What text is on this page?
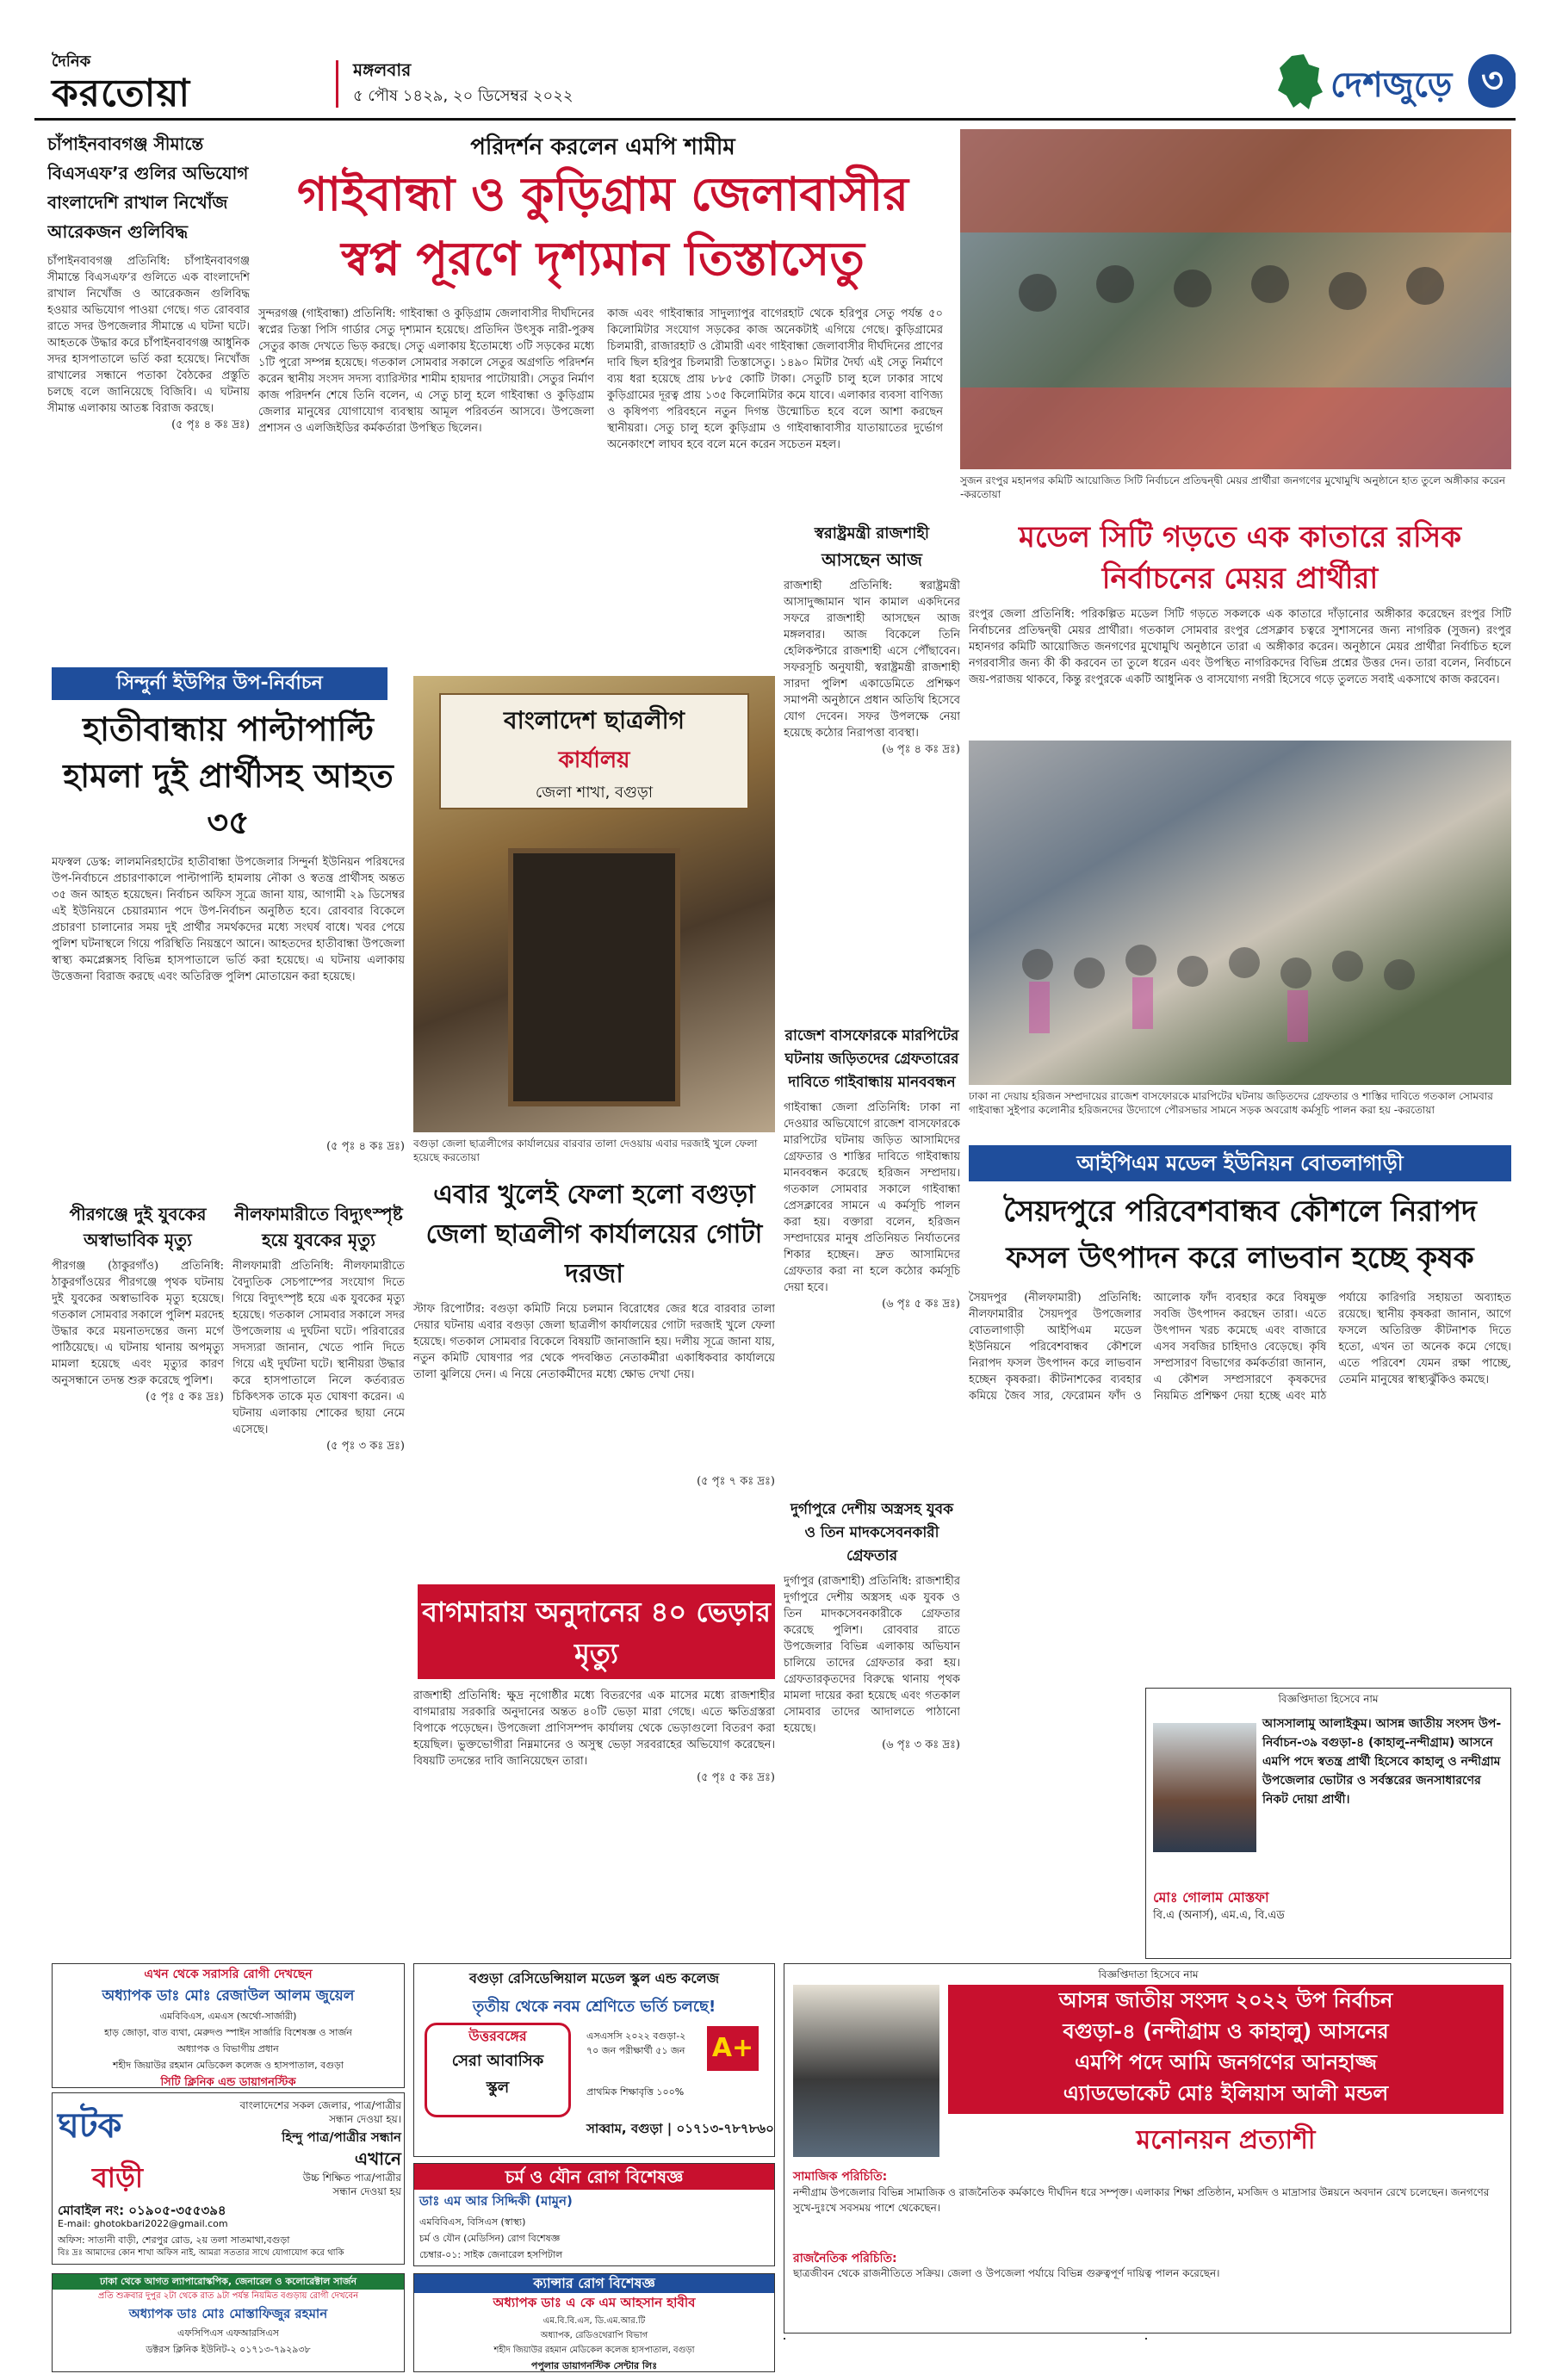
দৈনিক
করতোয়া
মঙ্গলবার
৫ পৌষ ১৪২৯, ২০ ডিসেম্বর ২০২২	দেশজুড়ে ৩
চাঁপাইনবাবগঞ্জ সীমান্তে বিএসএফ’র গুলির অভিযোগ বাংলাদেশি রাখাল নিখোঁজ আরেকজন গুলিবিদ্ধ
চাঁপাইনবাবগঞ্জ প্রতিনিধি: চাঁপাইনবাবগঞ্জ সীমান্তে বিএসএফ’র গুলিতে এক বাংলাদেশি রাখাল নিখোঁজ ও আরেকজন গুলিবিদ্ধ হওয়ার অভিযোগ পাওয়া গেছে। গত রোববার রাতে সদর উপজেলার সীমান্তে এ ঘটনা ঘটে। আহতকে উদ্ধার করে চাঁপাইনবাবগঞ্জ আধুনিক সদর হাসপাতালে ভর্তি করা হয়েছে। নিখোঁজ রাখালের সন্ধানে পতাকা বৈঠকের প্রস্তুতি চলছে বলে জানিয়েছে বিজিবি। এ ঘটনায় সীমান্ত এলাকায় আতঙ্ক বিরাজ করছে।
(৫ পৃঃ ৪ কঃ দ্রঃ)
পরিদর্শন করলেন এমপি শামীম
গাইবান্ধা ও কুড়িগ্রাম জেলাবাসীর
স্বপ্ন পূরণে দৃশ্যমান তিস্তাসেতু
সুন্দরগঞ্জ (গাইবান্ধা) প্রতিনিধি: গাইবান্ধা ও কুড়িগ্রাম জেলাবাসীর দীর্ঘদিনের স্বপ্নের তিস্তা পিসি গার্ডার সেতু দৃশ্যমান হয়েছে। প্রতিদিন উৎসুক নারী-পুরুষ সেতুর কাজ দেখতে ভিড় করছে। সেতু এলাকায় ইতোমধ্যে ৩টি সড়কের মধ্যে ১টি পুরো সম্পন্ন হয়েছে। গতকাল সোমবার সকালে সেতুর অগ্রগতি পরিদর্শন করেন স্থানীয় সংসদ সদস্য ব্যারিস্টার শামীম হায়দার পাটোয়ারী। সেতুর নির্মাণ কাজ পরিদর্শন শেষে তিনি বলেন, এ সেতু চালু হলে গাইবান্ধা ও কুড়িগ্রাম জেলার মানুষের যোগাযোগ ব্যবস্থায় আমূল পরিবর্তন আসবে। উপজেলা প্রশাসন ও এলজিইডির কর্মকর্তারা উপস্থিত ছিলেন।
কাজ এবং গাইবান্ধার সাদুল্যাপুর বাগেরহাট থেকে হরিপুর সেতু পর্যন্ত ৫০ কিলোমিটার সংযোগ সড়কের কাজ অনেকটাই এগিয়ে গেছে। কুড়িগ্রামের চিলমারী, রাজারহাট ও রৌমারী এবং গাইবান্ধা জেলাবাসীর দীর্ঘদিনের প্রাণের দাবি ছিল হরিপুর চিলমারী তিস্তাসেতু। ১৪৯০ মিটার দৈর্ঘ্য এই সেতু নির্মাণে ব্যয় ধরা হয়েছে প্রায় ৮৮৫ কোটি টাকা। সেতুটি চালু হলে ঢাকার সাথে কুড়িগ্রামের দূরত্ব প্রায় ১৩৫ কিলোমিটার কমে যাবে। এলাকার ব্যবসা বাণিজ্য ও কৃষিপণ্য পরিবহনে নতুন দিগন্ত উন্মোচিত হবে বলে আশা করছেন স্থানীয়রা। সেতু চালু হলে কুড়িগ্রাম ও গাইবান্ধাবাসীর যাতায়াতের দুর্ভোগ অনেকাংশে লাঘব হবে বলে মনে করেন সচেতন মহল।
সুজন রংপুর মহানগর কমিটি আয়োজিত সিটি নির্বাচনে প্রতিদ্বন্দ্বী মেয়র প্রার্থীরা জনগণের মুখোমুখি অনুষ্ঠানে হাত তুলে অঙ্গীকার করেন -করতোয়া
স্বরাষ্ট্রমন্ত্রী রাজশাহী
আসছেন আজ
রাজশাহী প্রতিনিধি: স্বরাষ্ট্রমন্ত্রী আসাদুজ্জামান খান কামাল একদিনের সফরে রাজশাহী আসছেন আজ মঙ্গলবার। আজ বিকেলে তিনি হেলিকপ্টারে রাজশাহী এসে পৌঁছাবেন। সফরসূচি অনুযায়ী, স্বরাষ্ট্রমন্ত্রী রাজশাহী সারদা পুলিশ একাডেমিতে প্রশিক্ষণ সমাপনী অনুষ্ঠানে প্রধান অতিথি হিসেবে যোগ দেবেন। সফর উপলক্ষে নেয়া হয়েছে কঠোর নিরাপত্তা ব্যবস্থা।
(৬ পৃঃ ৪ কঃ দ্রঃ)
মডেল সিটি গড়তে এক কাতারে রসিক নির্বাচনের মেয়র প্রার্থীরা
রংপুর জেলা প্রতিনিধি: পরিকল্পিত মডেল সিটি গড়তে সকলকে এক কাতারে দাঁড়ানোর অঙ্গীকার করেছেন রংপুর সিটি নির্বাচনের প্রতিদ্বন্দ্বী মেয়র প্রার্থীরা। গতকাল সোমবার রংপুর প্রেসক্লাব চত্বরে সুশাসনের জন্য নাগরিক (সুজন) রংপুর মহানগর কমিটি আয়োজিত জনগণের মুখোমুখি অনুষ্ঠানে তারা এ অঙ্গীকার করেন। অনুষ্ঠানে মেয়র প্রার্থীরা নির্বাচিত হলে নগরবাসীর জন্য কী কী করবেন তা তুলে ধরেন এবং উপস্থিত নাগরিকদের বিভিন্ন প্রশ্নের উত্তর দেন। তারা বলেন, নির্বাচনে জয়-পরাজয় থাকবে, কিন্তু রংপুরকে একটি আধুনিক ও বাসযোগ্য নগরী হিসেবে গড়ে তুলতে সবাই একসাথে কাজ করবেন।
সিন্দুর্না ইউপির উপ-নির্বাচন
হাতীবান্ধায় পাল্টাপাল্টি হামলা দুই প্রার্থীসহ আহত ৩৫
মফস্বল ডেস্ক: লালমনিরহাটের হাতীবান্ধা উপজেলার সিন্দুর্না ইউনিয়ন পরিষদের উপ-নির্বাচনে প্রচারণাকালে পাল্টাপাল্টি হামলায় নৌকা ও স্বতন্ত্র প্রার্থীসহ অন্তত ৩৫ জন আহত হয়েছেন। নির্বাচন অফিস সূত্রে জানা যায়, আগামী ২৯ ডিসেম্বর এই ইউনিয়নে চেয়ারম্যান পদে উপ-নির্বাচন অনুষ্ঠিত হবে। রোববার বিকেলে প্রচারণা চালানোর সময় দুই প্রার্থীর সমর্থকদের মধ্যে সংঘর্ষ বাধে। খবর পেয়ে পুলিশ ঘটনাস্থলে গিয়ে পরিস্থিতি নিয়ন্ত্রণে আনে। আহতদের হাতীবান্ধা উপজেলা স্বাস্থ্য কমপ্লেক্সসহ বিভিন্ন হাসপাতালে ভর্তি করা হয়েছে। এ ঘটনায় এলাকায় উত্তেজনা বিরাজ করছে এবং অতিরিক্ত পুলিশ মোতায়েন করা হয়েছে।
(৫ পৃঃ ৪ কঃ দ্রঃ)
বাংলাদেশ ছাত্রলীগ
কার্যালয়
জেলা শাখা, বগুড়া
বগুড়া জেলা ছাত্রলীগের কার্যালয়ের বারবার তালা দেওয়ায় এবার দরজাই খুলে ফেলা হয়েছে করতোয়া
এবার খুলেই ফেলা হলো বগুড়া জেলা ছাত্রলীগ কার্যালয়ের গোটা দরজা
স্টাফ রিপোর্টার: বগুড়া কমিটি নিয়ে চলমান বিরোধের জের ধরে বারবার তালা দেয়ার ঘটনায় এবার বগুড়া জেলা ছাত্রলীগ কার্যালয়ের গোটা দরজাই খুলে ফেলা হয়েছে। গতকাল সোমবার বিকেলে বিষয়টি জানাজানি হয়। দলীয় সূত্রে জানা যায়, নতুন কমিটি ঘোষণার পর থেকে পদবঞ্চিত নেতাকর্মীরা একাধিকবার কার্যালয়ে তালা ঝুলিয়ে দেন। এ নিয়ে নেতাকর্মীদের মধ্যে ক্ষোভ দেখা দেয়।
(৫ পৃঃ ৭ কঃ দ্রঃ)
পীরগঞ্জে দুই যুবকের অস্বাভাবিক মৃত্যু
পীরগঞ্জ (ঠাকুরগাঁও) প্রতিনিধি: ঠাকুরগাঁওয়ের পীরগঞ্জে পৃথক ঘটনায় দুই যুবকের অস্বাভাবিক মৃত্যু হয়েছে। গতকাল সোমবার সকালে পুলিশ মরদেহ উদ্ধার করে ময়নাতদন্তের জন্য মর্গে পাঠিয়েছে। এ ঘটনায় থানায় অপমৃত্যু মামলা হয়েছে এবং মৃত্যুর কারণ অনুসন্ধানে তদন্ত শুরু করেছে পুলিশ।
(৫ পৃঃ ৫ কঃ দ্রঃ)
নীলফামারীতে বিদ্যুৎস্পৃষ্ট হয়ে যুবকের মৃত্যু
নীলফামারী প্রতিনিধি: নীলফামারীতে বৈদ্যুতিক সেচপাম্পের সংযোগ দিতে গিয়ে বিদ্যুৎস্পৃষ্ট হয়ে এক যুবকের মৃত্যু হয়েছে। গতকাল সোমবার সকালে সদর উপজেলায় এ দুর্ঘটনা ঘটে। পরিবারের সদস্যরা জানান, খেতে পানি দিতে গিয়ে এই দুর্ঘটনা ঘটে। স্থানীয়রা উদ্ধার করে হাসপাতালে নিলে কর্তব্যরত চিকিৎসক তাকে মৃত ঘোষণা করেন। এ ঘটনায় এলাকায় শোকের ছায়া নেমে এসেছে।
(৫ পৃঃ ৩ কঃ দ্রঃ)
বাগমারায় অনুদানের ৪০ ভেড়ার মৃত্যু
রাজশাহী প্রতিনিধি: ক্ষুদ্র নৃগোষ্ঠীর মধ্যে বিতরণের এক মাসের মধ্যে রাজশাহীর বাগমারায় সরকারি অনুদানের অন্তত ৪০টি ভেড়া মারা গেছে। এতে ক্ষতিগ্রস্তরা বিপাকে পড়েছেন। উপজেলা প্রাণিসম্পদ কার্যালয় থেকে ভেড়াগুলো বিতরণ করা হয়েছিল। ভুক্তভোগীরা নিম্নমানের ও অসুস্থ ভেড়া সরবরাহের অভিযোগ করেছেন। বিষয়টি তদন্তের দাবি জানিয়েছেন তারা।
(৫ পৃঃ ৫ কঃ দ্রঃ)
রাজেশ বাসফোরকে মারপিটের ঘটনায় জড়িতদের গ্রেফতারের দাবিতে গাইবান্ধায় মানববন্ধন
গাইবান্ধা জেলা প্রতিনিধি: ঢাকা না দেওয়ার অভিযোগে রাজেশ বাসফোরকে মারপিটের ঘটনায় জড়িত আসামিদের গ্রেফতার ও শাস্তির দাবিতে গাইবান্ধায় মানববন্ধন করেছে হরিজন সম্প্রদায়। গতকাল সোমবার সকালে গাইবান্ধা প্রেসক্লাবের সামনে এ কর্মসূচি পালন করা হয়। বক্তারা বলেন, হরিজন সম্প্রদায়ের মানুষ প্রতিনিয়ত নির্যাতনের শিকার হচ্ছেন। দ্রুত আসামিদের গ্রেফতার করা না হলে কঠোর কর্মসূচি দেয়া হবে।
(৬ পৃঃ ৫ কঃ দ্রঃ)
ঢাকা না দেয়ায় হরিজন সম্প্রদায়ের রাজেশ বাসফোরকে মারপিটের ঘটনায় জড়িতদের গ্রেফতার ও শাস্তির দাবিতে গতকাল সোমবার গাইবান্ধা সুইপার কলোনীর হরিজনদের উদ্যোগে পৌরসভার সামনে সড়ক অবরোধ কর্মসূচি পালন করা হয় -করতোয়া
আইপিএম মডেল ইউনিয়ন বোতলাগাড়ী
সৈয়দপুরে পরিবেশবান্ধব কৌশলে নিরাপদ ফসল উৎপাদন করে লাভবান হচ্ছে কৃষক
সৈয়দপুর (নীলফামারী) প্রতিনিধি: নীলফামারীর সৈয়দপুর উপজেলার বোতলাগাড়ী আইপিএম মডেল ইউনিয়নে পরিবেশবান্ধব কৌশলে নিরাপদ ফসল উৎপাদন করে লাভবান হচ্ছেন কৃষকরা। কীটনাশকের ব্যবহার কমিয়ে জৈব সার, ফেরোমন ফাঁদ ও আলোক ফাঁদ ব্যবহার করে বিষমুক্ত সবজি উৎপাদন করছেন তারা। এতে উৎপাদন খরচ কমেছে এবং বাজারে এসব সবজির চাহিদাও বেড়েছে। কৃষি সম্প্রসারণ বিভাগের কর্মকর্তারা জানান, এ কৌশল সম্প্রসারণে কৃষকদের নিয়মিত প্রশিক্ষণ দেয়া হচ্ছে এবং মাঠ পর্যায়ে কারিগরি সহায়তা অব্যাহত রয়েছে। স্থানীয় কৃষকরা জানান, আগে ফসলে অতিরিক্ত কীটনাশক দিতে হতো, এখন তা অনেক কমে গেছে। এতে পরিবেশ যেমন রক্ষা পাচ্ছে, তেমনি মানুষের স্বাস্থ্যঝুঁকিও কমছে।
দুর্গাপুরে দেশীয় অস্ত্রসহ যুবক ও তিন মাদকসেবনকারী গ্রেফতার
দুর্গাপুর (রাজশাহী) প্রতিনিধি: রাজশাহীর দুর্গাপুরে দেশীয় অস্ত্রসহ এক যুবক ও তিন মাদকসেবনকারীকে গ্রেফতার করেছে পুলিশ। রোববার রাতে উপজেলার বিভিন্ন এলাকায় অভিযান চালিয়ে তাদের গ্রেফতার করা হয়। গ্রেফতারকৃতদের বিরুদ্ধে থানায় পৃথক মামলা দায়ের করা হয়েছে এবং গতকাল সোমবার তাদের আদালতে পাঠানো হয়েছে।
(৬ পৃঃ ৩ কঃ দ্রঃ)
বিজ্ঞপ্তিদাতা হিসেবে নাম
আসসালামু আলাইকুম। আসন্ন জাতীয় সংসদ উপ-নির্বাচন-৩৯ বগুড়া-৪ (কাহালু-নন্দীগ্রাম) আসনে এমপি পদে স্বতন্ত্র প্রার্থী হিসেবে কাহালু ও নন্দীগ্রাম উপজেলার ভোটার ও সর্বস্তরের জনসাধারণের নিকট দোয়া প্রার্থী।
মোঃ গোলাম মোস্তফা
বি.এ (অনার্স), এম.এ, বি.এড
বিজ্ঞপ্তিদাতা হিসেবে নাম
আসন্ন জাতীয় সংসদ ২০২২ উপ নির্বাচন
বগুড়া-৪ (নন্দীগ্রাম ও কাহালু) আসনের
এমপি পদে আমি জনগণের আনহাজ্জ
এ্যাডভোকেট মোঃ ইলিয়াস আলী মন্ডল
মনোনয়ন প্রত্যাশী
সামাজিক পরিচিতি:
নন্দীগ্রাম উপজেলার বিভিন্ন সামাজিক ও রাজনৈতিক কর্মকাণ্ডে দীর্ঘদিন ধরে সম্পৃক্ত। এলাকার শিক্ষা প্রতিষ্ঠান, মসজিদ ও মাদ্রাসার উন্নয়নে অবদান রেখে চলেছেন। জনগণের সুখে-দুঃখে সবসময় পাশে থেকেছেন।
রাজনৈতিক পরিচিতি:
ছাত্রজীবন থেকে রাজনীতিতে সক্রিয়। জেলা ও উপজেলা পর্যায়ে বিভিন্ন গুরুত্বপূর্ণ দায়িত্ব পালন করেছেন।
এখন থেকে সরাসরি রোগী দেখছেন
অধ্যাপক ডাঃ মোঃ রেজাউল আলম জুয়েল
এমবিবিএস, এমএস (অর্থো-সার্জারী)
হাড় জোড়া, বাত ব্যথা, মেরুদণ্ড স্পাইন সার্জারি বিশেষজ্ঞ ও সার্জন
অধ্যাপক ও বিভাগীয় প্রধান
শহীদ জিয়াউর রহমান মেডিকেল কলেজ ও হাসপাতাল, বগুড়া
সিটি ক্লিনিক এন্ড ডায়াগনস্টিক
বগুড়া রেসিডেন্সিয়াল মডেল স্কুল এন্ড কলেজ
তৃতীয় থেকে নবম শ্রেণিতে ভর্তি চলছে!
উত্তরবঙ্গের
সেরা আবাসিক
স্কুল
এসএসসি ২০২২ বগুড়া-২
৭০ জন পরীক্ষার্থী ৫১ জন A+
প্রাথমিক শিক্ষাবৃত্তি ১০০%
সাব্বাম, বগুড়া | ০১৭১৩-৭৮৭৮৬০
ঘটক
বাড়ী
বাংলাদেশের সকল জেলার, পাত্র/পাত্রীর
সন্ধান দেওয়া হয়।
হিন্দু পাত্র/পাত্রীর সন্ধান
এখানে
উচ্চ শিক্ষিত পাত্র/পাত্রীর
সন্ধান দেওয়া হয়
মোবাইল নং: ০১৯০৫-৩৫৫৩৯৪
E-mail: ghotokbari2022@gmail.com
অফিস: সাতানী বাড়ী, শেরপুর রোড, ২য় তলা সাতমাথা,বগুড়া
বিঃ দ্রঃ আমাদের কোন শাখা অফিস নাই, আমরা সততার সাথে যোগাযোগ করে থাকি
চর্ম ও যৌন রোগ বিশেষজ্ঞ
ডাঃ এম আর সিদ্দিকী (মামুন)
এমবিবিএস, বিসিএস (স্বাস্থ্য)
চর্ম ও যৌন (মেডিসিন) রোগ বিশেষজ্ঞ
চেম্বার-০১: সাইক জেনারেল হসপিটাল
ঢাকা থেকে আগত ল্যাপারোস্কপিক, জেনারেল ও কলোরেক্টাল সার্জন
প্রতি শুক্রবার দুপুর ২টা থেকে রাত ৯টা পর্যন্ত নিয়মিত বগুড়ায় রোগী দেখবেন
অধ্যাপক ডাঃ মোঃ মোস্তাফিজুর রহমান
এফসিপিএস এফআরসিএস
ডক্টরস ক্লিনিক ইউনিট-২ ০১৭১৩-৭৯২৯৩৮
ক্যান্সার রোগ বিশেষজ্ঞ
অধ্যাপক ডাঃ এ কে এম আহসান হাবীব
এম.বি.বি.এস, ডি.এম.আর.টি
অধ্যাপক, রেডিওথেরাপি বিভাগ
শহীদ জিয়াউর রহমান মেডিকেল কলেজ হাসপাতাল, বগুড়া
পপুলার ডায়াগনস্টিক সেন্টার লিঃ
